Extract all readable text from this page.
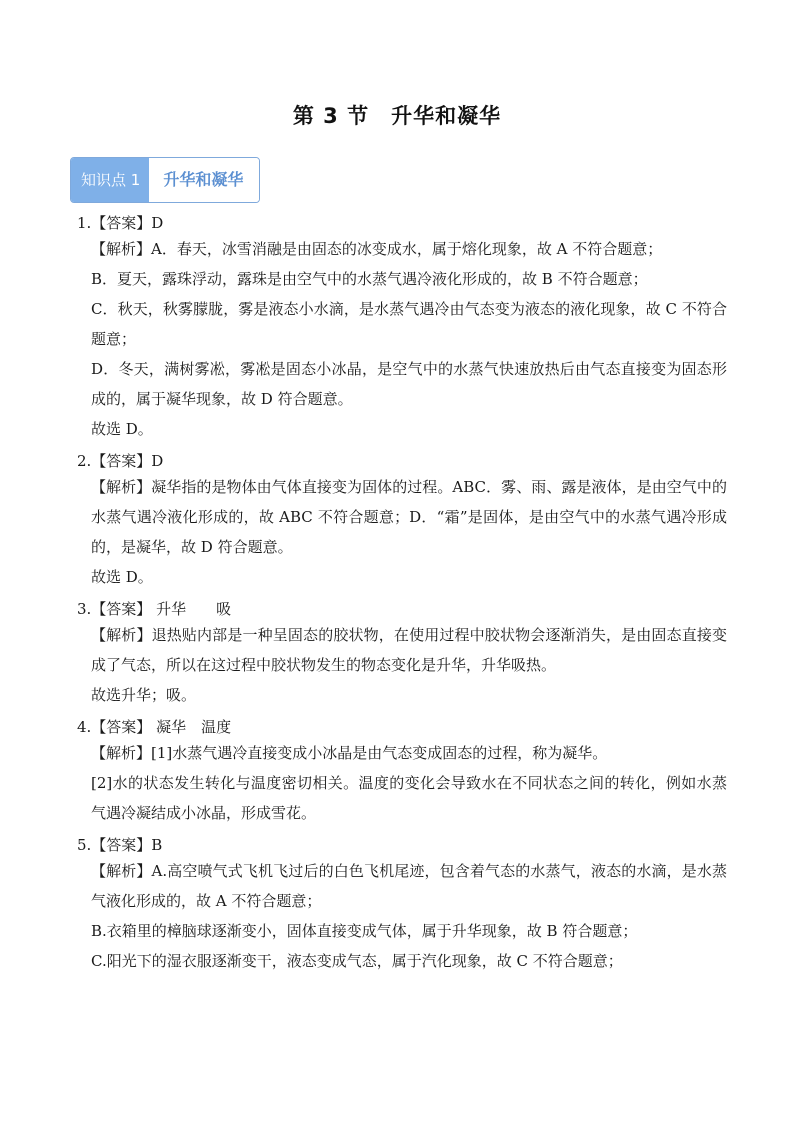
第 3 节　升华和凝华
知识点 1	升华和凝华
1.【答案】D
【解析】A．春天，冰雪消融是由固态的冰变成水，属于熔化现象，故 A 不符合题意；
B．夏天，露珠浮动，露珠是由空气中的水蒸气遇冷液化形成的，故 B 不符合题意；
C．秋天，秋雾朦胧，雾是液态小水滴，是水蒸气遇冷由气态变为液态的液化现象，故 C 不符合题意；
D．冬天，满树雾凇，雾凇是固态小冰晶，是空气中的水蒸气快速放热后由气态直接变为固态形成的，属于凝华现象，故 D 符合题意。
故选 D。
2.【答案】D
【解析】凝华指的是物体由气体直接变为固体的过程。ABC．雾、雨、露是液体，是由空气中的水蒸气遇冷液化形成的，故 ABC 不符合题意；D．“霜”是固体，是由空气中的水蒸气遇冷形成的，是凝华，故 D 符合题意。
故选 D。
3.【答案】 升华　　吸
【解析】退热贴内部是一种呈固态的胶状物，在使用过程中胶状物会逐渐消失，是由固态直接变成了气态，所以在这过程中胶状物发生的物态变化是升华，升华吸热。
故选升华；吸。
4.【答案】 凝华　温度
【解析】[1]水蒸气遇冷直接变成小冰晶是由气态变成固态的过程，称为凝华。
[2]水的状态发生转化与温度密切相关。温度的变化会导致水在不同状态之间的转化，例如水蒸气遇冷凝结成小冰晶，形成雪花。
5.【答案】B
【解析】A.高空喷气式飞机飞过后的白色飞机尾迹，包含着气态的水蒸气，液态的水滴，是水蒸气液化形成的，故 A 不符合题意；
B.衣箱里的樟脑球逐渐变小，固体直接变成气体，属于升华现象，故 B 符合题意；
C.阳光下的湿衣服逐渐变干，液态变成气态，属于汽化现象，故 C 不符合题意；
